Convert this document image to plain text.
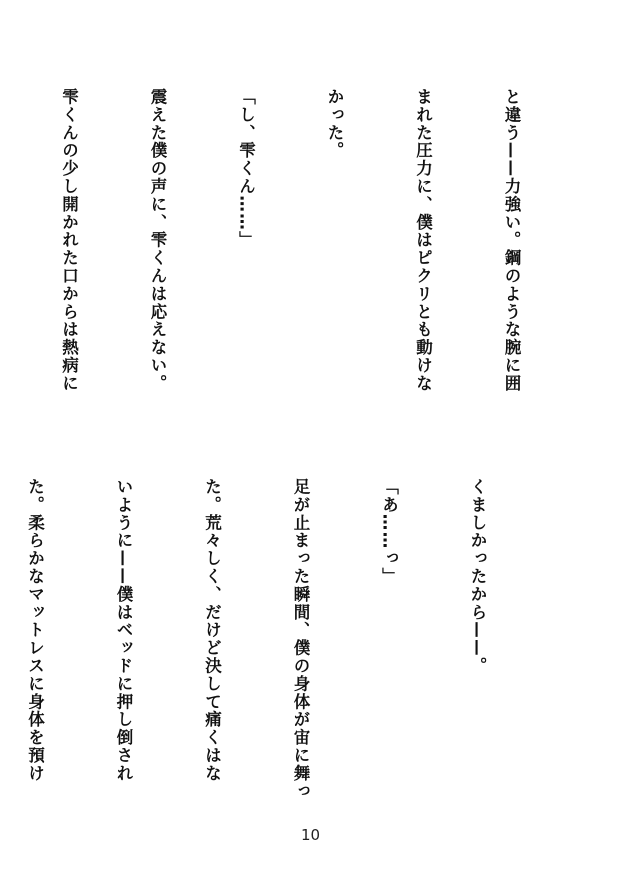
と違う——力強い。鋼のような腕に囲

まれた圧力に、僕はピクリとも動けな

かった。

「し、雫くん……」

震えた僕の声に、雫くんは応えない。

雫くんの少し開かれた口からは熱病に

くましかったから——。

「あ……っ」

足が止まった瞬間、僕の身体が宙に舞っ

た。荒々しく、だけど決して痛くはな

いように——僕はベッドに押し倒され

た。柔らかなマットレスに身体を預け

10
